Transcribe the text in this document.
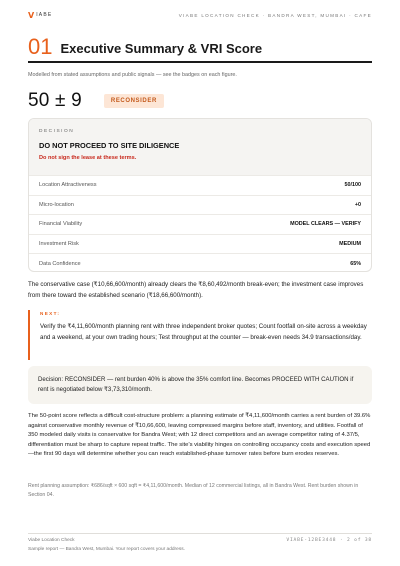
V IABE	VIABE LOCATION CHECK · BANDRA WEST, MUMBAI · CAFE
01 Executive Summary & VRI Score
Modelled from stated assumptions and public signals — see the badges on each figure.
50 ± 9	RECONSIDER
DECISION
DO NOT PROCEED TO SITE DILIGENCE
Do not sign the lease at these terms.
Location Attractiveness	50/100
Micro-location	+0
Financial Viability	MODEL CLEARS — VERIFY
Investment Risk	MEDIUM
Data Confidence	65%

The conservative case (₹10,66,600/month) already clears the ₹8,60,492/month break-even; the investment case improves from there toward the established scenario (₹18,66,600/month).

NEXT:

Verify the ₹4,11,600/month planning rent with three independent broker quotes; Count footfall on-site across a weekday and a weekend, at your own trading hours; Test throughput at the counter — break-even needs 34.9 transactions/day.

Decision: RECONSIDER — rent burden 40% is above the 35% comfort line. Becomes PROCEED WITH CAUTION if rent is negotiated below ₹3,73,310/month.

The 50-point score reflects a difficult cost-structure problem: a planning estimate of ₹4,11,600/month carries a rent burden of 39.6% against conservative monthly revenue of ₹10,66,600, leaving compressed margins before staff, inventory, and utilities. Footfall of 350 modeled daily visits is conservative for Bandra West; with 12 direct competitors and an average competitor rating of 4.37/5, differentiation must be sharp to capture repeat traffic. The site's viability hinges on controlling occupancy costs and execution speed—the first 90 days will determine whether you can reach established-phase turnover rates before burn erodes reserves.

Rent planning assumption: ₹686/sqft × 600 sqft = ₹4,11,600/month. Median of 12 commercial listings, all in Bandra West. Rent burden shown in Section 04.

Viabe Location Check
Sample report — Bandra West, Mumbai. Your report covers your address.
VIABE-12BE3448 · 2 of 38
